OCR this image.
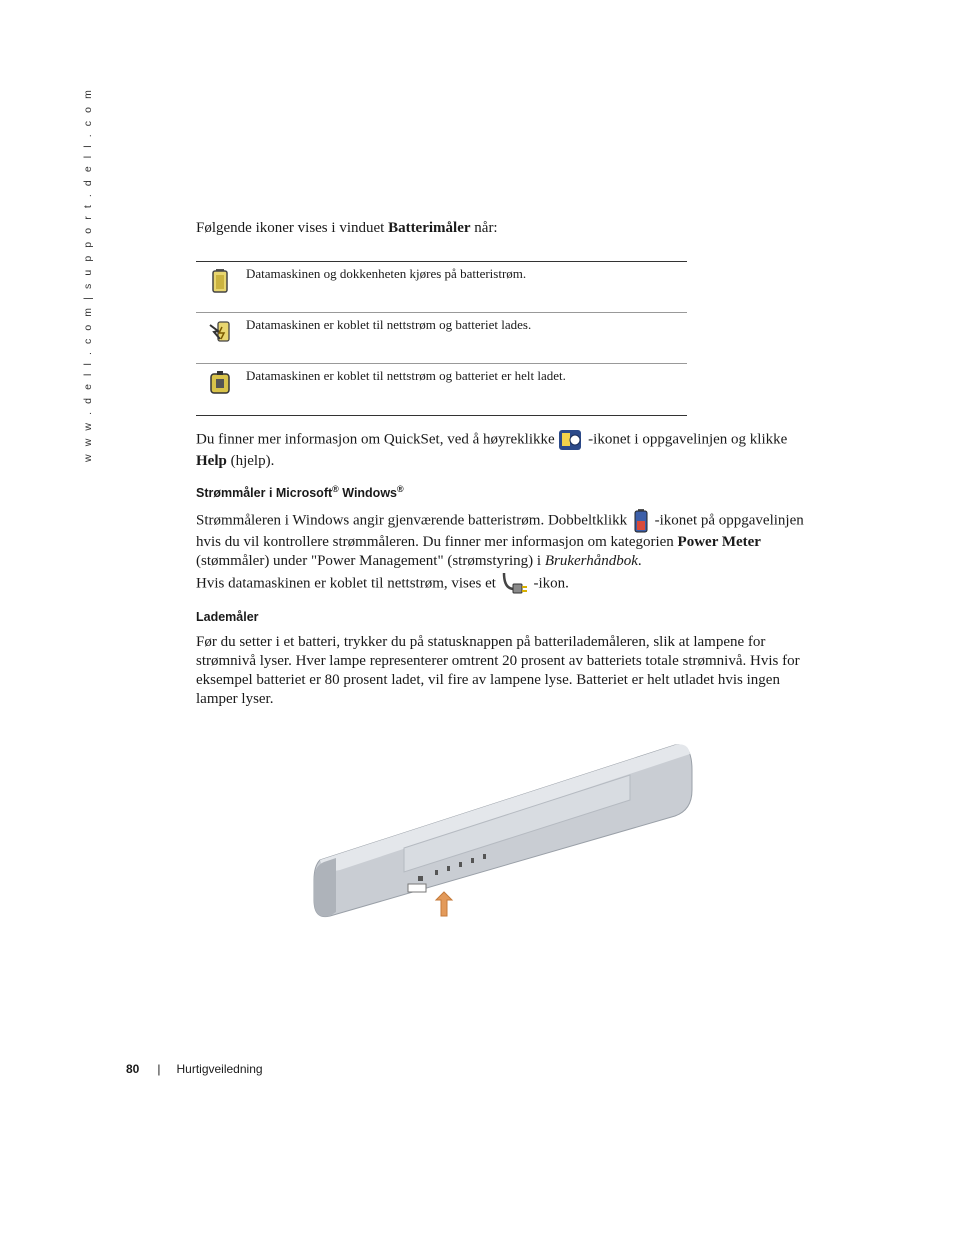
w w w . d e l l . c o m | s u p p o r t . d e l l . c o m	Følgende ikoner vises i vinduet Batterimåler når:
Datamaskinen og dokkenheten kjøres på batteristrøm.
Datamaskinen er koblet til nettstrøm og batteriet lades.
Datamaskinen er koblet til nettstrøm og batteriet er helt ladet.
Du finner mer informasjon om QuickSet, ved å høyreklikke  -ikonet i oppgavelinjen og klikke Help (hjelp).
Strømmåler i Microsoft® Windows®
Strømmåleren i Windows angir gjenværende batteristrøm. Dobbeltklikk  -ikonet på oppgavelinjen hvis du vil kontrollere strømmåleren. Du finner mer informasjon om kategorien Power Meter (stømmåler) under "Power Management" (strømstyring) i Brukerhåndbok.
Hvis datamaskinen er koblet til nettstrøm, vises et  -ikon.
Lademåler
Før du setter i et batteri, trykker du på statusknappen på batterilademåleren, slik at lampene for strømnivå lyser. Hver lampe representerer omtrent 20 prosent av batteriets totale strømnivå. Hvis for eksempel batteriet er 80 prosent ladet, vil fire av lampene lyse. Batteriet er helt utladet hvis ingen lamper lyser.
80 | Hurtigveiledning
